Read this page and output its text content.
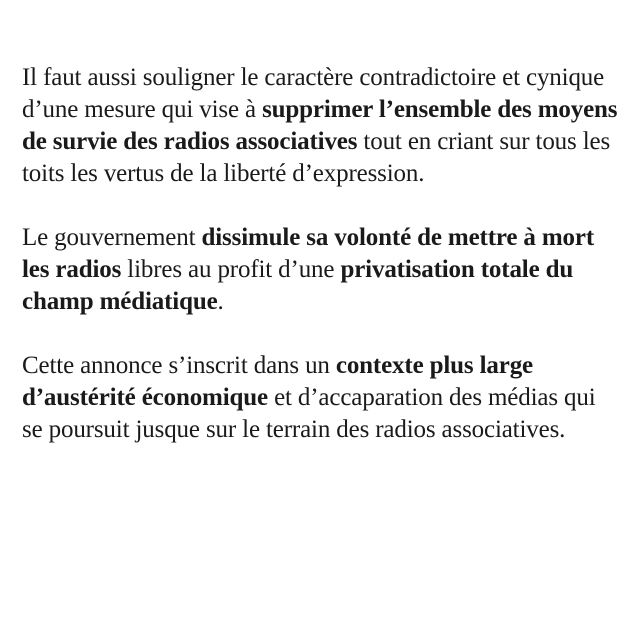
Il faut aussi souligner le caractère contradictoire et cynique d’une mesure qui vise à supprimer l’ensemble des moyens de survie des radios associatives tout en criant sur tous les toits les vertus de la liberté d’expression.

Le gouvernement dissimule sa volonté de mettre à mort les radios libres au profit d’une privatisation totale du champ médiatique.

Cette annonce s’inscrit dans un contexte plus large d’austérité économique et d’accaparation des médias qui se poursuit jusque sur le terrain des radios associatives.
